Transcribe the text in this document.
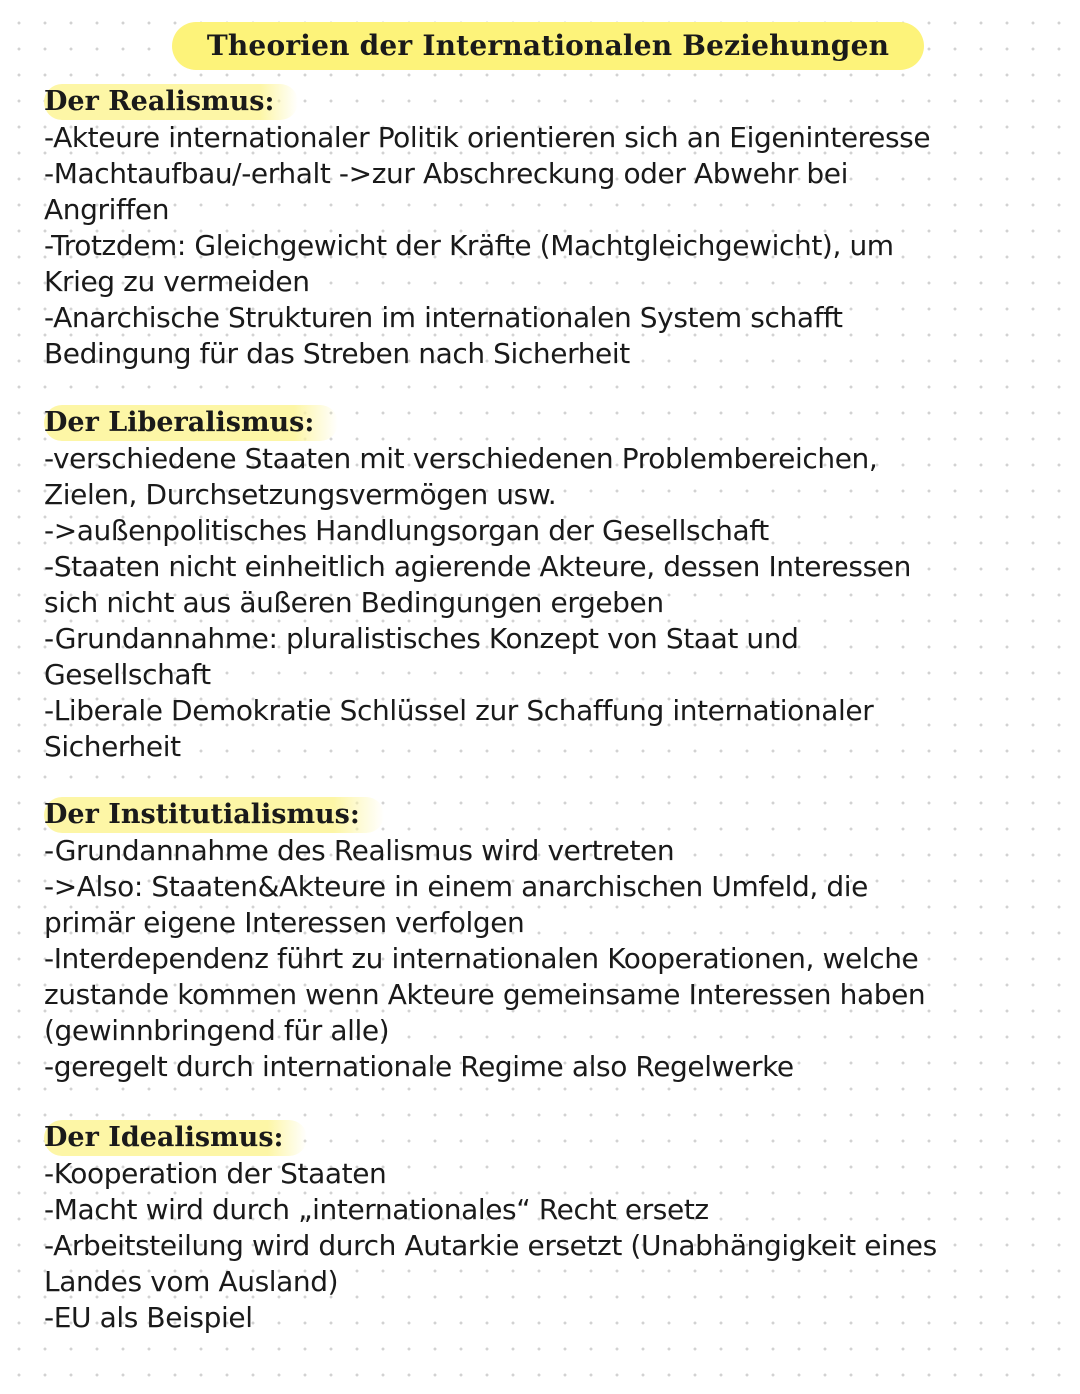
Theorien der Internationalen Beziehungen
Der Realismus:
-Akteure internationaler Politik orientieren sich an Eigeninteresse
-Machtaufbau/-erhalt ->zur Abschreckung oder Abwehr bei
Angriffen
-Trotzdem: Gleichgewicht der Kräfte (Machtgleichgewicht), um
Krieg zu vermeiden
-Anarchische Strukturen im internationalen System schafft
Bedingung für das Streben nach Sicherheit
Der Liberalismus:
-verschiedene Staaten mit verschiedenen Problembereichen,
Zielen, Durchsetzungsvermögen usw.
->außenpolitisches Handlungsorgan der Gesellschaft
-Staaten nicht einheitlich agierende Akteure, dessen Interessen
sich nicht aus äußeren Bedingungen ergeben
-Grundannahme: pluralistisches Konzept von Staat und
Gesellschaft
-Liberale Demokratie Schlüssel zur Schaffung internationaler
Sicherheit
Der Institutialismus:
-Grundannahme des Realismus wird vertreten
->Also: Staaten&Akteure in einem anarchischen Umfeld, die
primär eigene Interessen verfolgen
-Interdependenz führt zu internationalen Kooperationen, welche
zustande kommen wenn Akteure gemeinsame Interessen haben
(gewinnbringend für alle)
-geregelt durch internationale Regime also Regelwerke
Der Idealismus:
-Kooperation der Staaten
-Macht wird durch „internationales“ Recht ersetz
-Arbeitsteilung wird durch Autarkie ersetzt (Unabhängigkeit eines
Landes vom Ausland)
-EU als Beispiel
